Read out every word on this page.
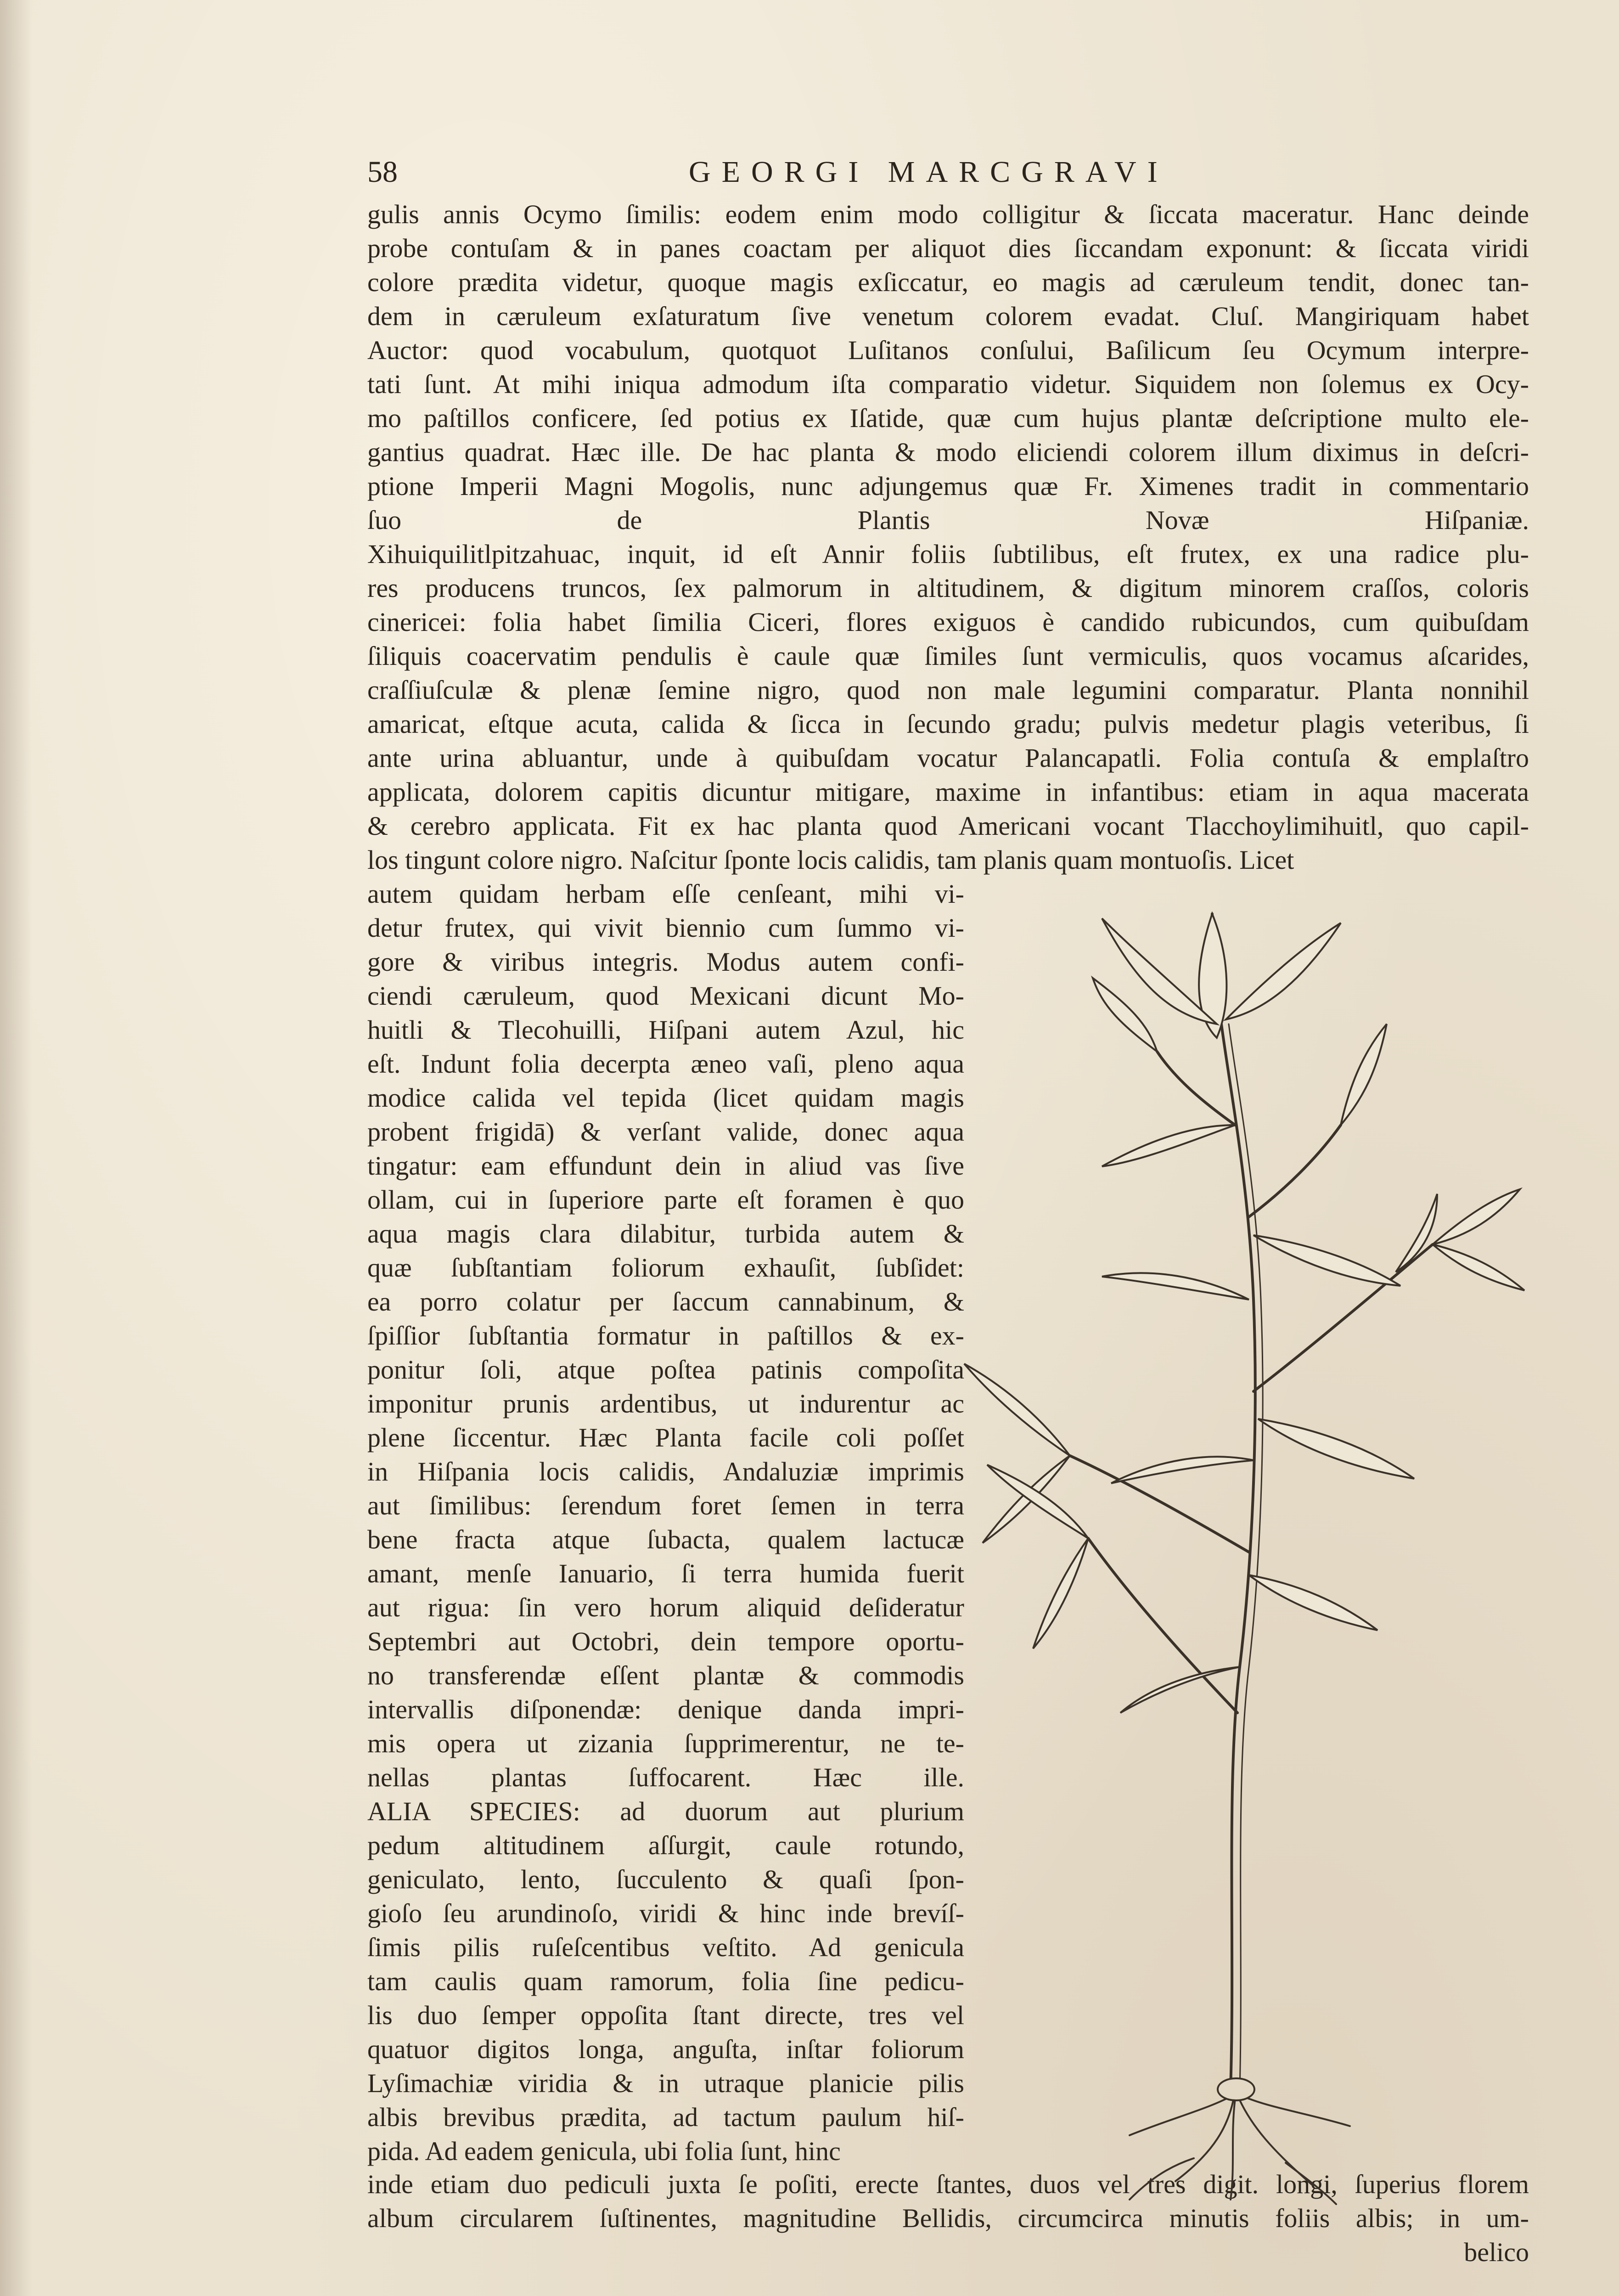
58	GEORGI MARCGRAVI
gulis annis Ocymo ſimilis: eodem enim modo colligitur & ſiccata maceratur. Hanc deinde
probe contuſam & in panes coactam per aliquot dies ſiccandam exponunt: & ſiccata viridi
colore prædita videtur, quoque magis exſiccatur, eo magis ad cæruleum tendit, donec tan-
dem in cæruleum exſaturatum ſive venetum colorem evadat. Cluſ. Mangiriquam habet
Auctor: quod vocabulum, quotquot Luſitanos conſului, Baſilicum ſeu Ocymum interpre-
tati ſunt. At mihi iniqua admodum iſta comparatio videtur. Siquidem non ſolemus ex Ocy-
mo paſtillos conficere, ſed potius ex Iſatide, quæ cum hujus plantæ deſcriptione multo ele-
gantius quadrat. Hæc ille. De hac planta & modo eliciendi colorem illum diximus in deſcri-
ptione Imperii Magni Mogolis, nunc adjungemus quæ Fr. Ximenes tradit in commentario
ſuo de Plantis Novæ Hiſpaniæ.
Xihuiquilitlpitzahuac, inquit, id eſt Annir foliis ſubtilibus, eſt frutex, ex una radice plu-
res producens truncos, ſex palmorum in altitudinem, & digitum minorem craſſos, coloris
cinericei: folia habet ſimilia Ciceri, flores exiguos è candido rubicundos, cum quibuſdam
ſiliquis coacervatim pendulis è caule quæ ſimiles ſunt vermiculis, quos vocamus aſcarides,
craſſiuſculæ & plenæ ſemine nigro, quod non male legumini comparatur. Planta nonnihil
amaricat, eſtque acuta, calida & ſicca in ſecundo gradu; pulvis medetur plagis veteribus, ſi
ante urina abluantur, unde à quibuſdam vocatur Palancapatli. Folia contuſa & emplaſtro
applicata, dolorem capitis dicuntur mitigare, maxime in infantibus: etiam in aqua macerata
& cerebro applicata. Fit ex hac planta quod Americani vocant Tlacchoylimihuitl, quo capil-
los tingunt colore nigro. Naſcitur ſponte locis calidis, tam planis quam montuoſis. Licet
autem quidam herbam eſſe cenſeant, mihi vi-
detur frutex, qui vivit biennio cum ſummo vi-
gore & viribus integris. Modus autem confi-
ciendi cæruleum, quod Mexicani dicunt Mo-
huitli & Tlecohuilli, Hiſpani autem Azul, hic
eſt. Indunt folia decerpta æneo vaſi, pleno aqua
modice calida vel tepida (licet quidam magis
probent frigidā) & verſant valide, donec aqua
tingatur: eam effundunt dein in aliud vas ſive
ollam, cui in ſuperiore parte eſt foramen è quo
aqua magis clara dilabitur, turbida autem &
quæ ſubſtantiam foliorum exhauſit, ſubſidet:
ea porro colatur per ſaccum cannabinum, &
ſpiſſior ſubſtantia formatur in paſtillos & ex-
ponitur ſoli, atque poſtea patinis compoſita
imponitur prunis ardentibus, ut indurentur ac
plene ſiccentur. Hæc Planta facile coli poſſet
in Hiſpania locis calidis, Andaluziæ imprimis
aut ſimilibus: ſerendum foret ſemen in terra
bene fracta atque ſubacta, qualem lactucæ
amant, menſe Ianuario, ſi terra humida fuerit
aut rigua: ſin vero horum aliquid deſideratur
Septembri aut Octobri, dein tempore oportu-
no transferendæ eſſent plantæ & commodis
intervallis diſponendæ: denique danda impri-
mis opera ut zizania ſupprimerentur, ne te-
nellas plantas ſuffocarent. Hæc ille.
ALIA SPECIES: ad duorum aut plurium
pedum altitudinem aſſurgit, caule rotundo,
geniculato, lento, ſucculento & quaſi ſpon-
gioſo ſeu arundinoſo, viridi & hinc inde brevíſ-
ſimis pilis ruſeſcentibus veſtito. Ad genicula
tam caulis quam ramorum, folia ſine pedicu-
lis duo ſemper oppoſita ſtant directe, tres vel
quatuor digitos longa, anguſta, inſtar foliorum
Lyſimachiæ viridia & in utraque planicie pilis
albis brevibus prædita, ad tactum paulum hiſ-
pida. Ad eadem genicula, ubi folia ſunt, hinc
inde etiam duo pediculi juxta ſe poſiti, erecte ſtantes, duos vel tres digit. longi, ſuperius florem
album circularem ſuſtinentes, magnitudine Bellidis, circumcirca minutis foliis albis; in um-
belico
